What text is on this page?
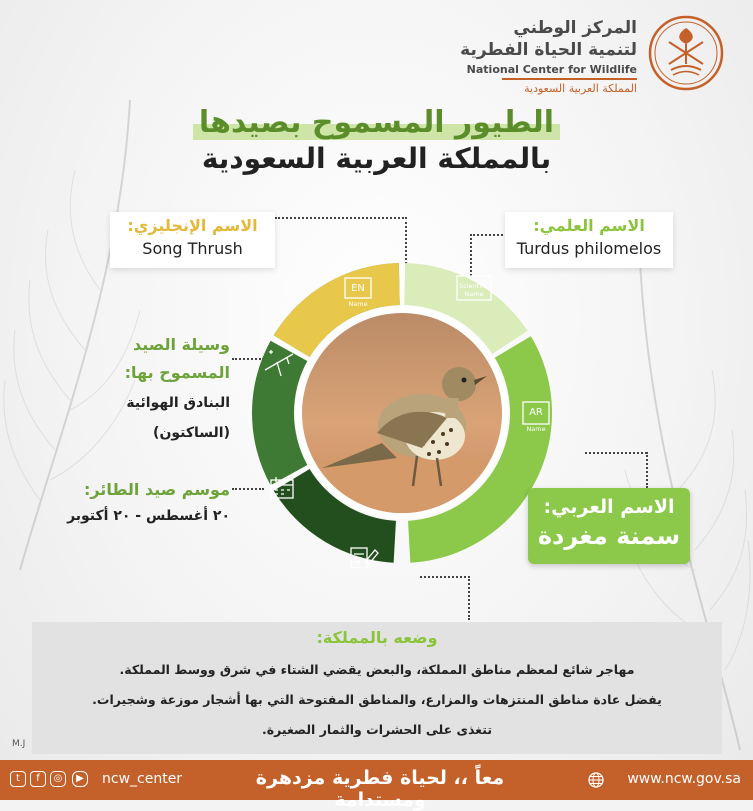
المركز الوطني
لتنمية الحياة الفطرية
National Center for Wildlife
المملكة العربية السعودية
الطيور المسموح بصيدها
بالمملكة العربية السعودية
EN
Name
Scientific
Name
AR
Name
الاسم الإنجليزي:
Song Thrush
الاسم العلمي:
Turdus philomelos
وسيلة الصيد
المسموح بها:
البنادق الهوائية
(الساكتون)
موسم صيد الطائر:
٢٠ أغسطس - ٢٠ أكتوبر	الاسم العربي:
سمنة مغردة
وضعه بالمملكة:
مهاجر شائع لمعظم مناطق المملكة، والبعض يقضي الشتاء في شرق ووسط المملكة.
يفضل عادة مناطق المنتزهات والمزارع، والمناطق المفتوحة التي بها أشجار موزعة وشجيرات.
تتغذى على الحشرات والثمار الصغيرة.
M.J
t	f	◎	▶ ncw_center	معاً ،، لحياة فطرية مزدهرة ومستدامة
www.ncw.gov.sa
